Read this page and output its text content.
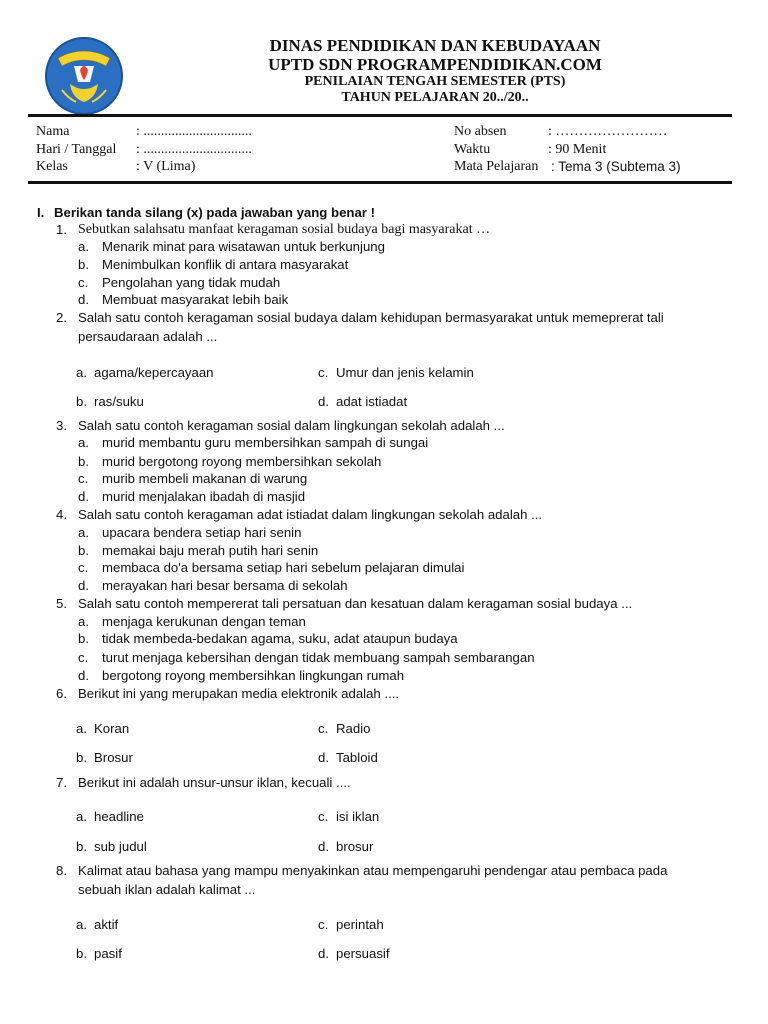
DINAS PENDIDIKAN DAN KEBUDAYAAN
UPTD SDN PROGRAMPENDIDIKAN.COM
PENILAIAN TENGAH SEMESTER (PTS)
TAHUN PELAJARAN 20../20..
Nama	: ...............................	No absen	: ……………………
Hari / Tanggal : ...............................	Waktu	: 90 Menit
Kelas	: V (Lima)	Mata Pelajaran : Tema 3 (Subtema 3)
I. Berikan tanda silang (x) pada jawaban yang benar !
1. Sebutkan salahsatu manfaat keragaman sosial budaya bagi masyarakat …
a. Menarik minat para wisatawan untuk berkunjung
b. Menimbulkan konflik di antara masyarakat
c. Pengolahan yang tidak mudah
d. Membuat masyarakat lebih baik
2. Salah satu contoh keragaman sosial budaya dalam kehidupan bermasyarakat untuk memeprerat tali
persaudaraan adalah ...
a. agama/kepercayaan	c. Umur dan jenis kelamin
b. ras/suku	d. adat istiadat
3. Salah satu contoh keragaman sosial dalam lingkungan sekolah adalah ...
a. murid membantu guru membersihkan sampah di sungai
b. murid bergotong royong membersihkan sekolah
c. murib membeli makanan di warung
d. murid menjalakan ibadah di masjid
4. Salah satu contoh keragaman adat istiadat dalam lingkungan sekolah adalah ...
a. upacara bendera setiap hari senin
b. memakai baju merah putih hari senin
c. membaca do'a bersama setiap hari sebelum pelajaran dimulai
d. merayakan hari besar bersama di sekolah
5. Salah satu contoh mempererat tali persatuan dan kesatuan dalam keragaman sosial budaya ...
a. menjaga kerukunan dengan teman
b. tidak membeda-bedakan agama, suku, adat ataupun budaya
c. turut menjaga kebersihan dengan tidak membuang sampah sembarangan
d. bergotong royong membersihkan lingkungan rumah
6. Berikut ini yang merupakan media elektronik adalah ....
a. Koran	c. Radio
b. Brosur	d. Tabloid
7. Berikut ini adalah unsur-unsur iklan, kecuali ....
a. headline	c. isi iklan
b. sub judul	d. brosur
8. Kalimat atau bahasa yang mampu menyakinkan atau mempengaruhi pendengar atau pembaca pada
sebuah iklan adalah kalimat ...
a. aktif	c. perintah
b. pasif	d. persuasif
